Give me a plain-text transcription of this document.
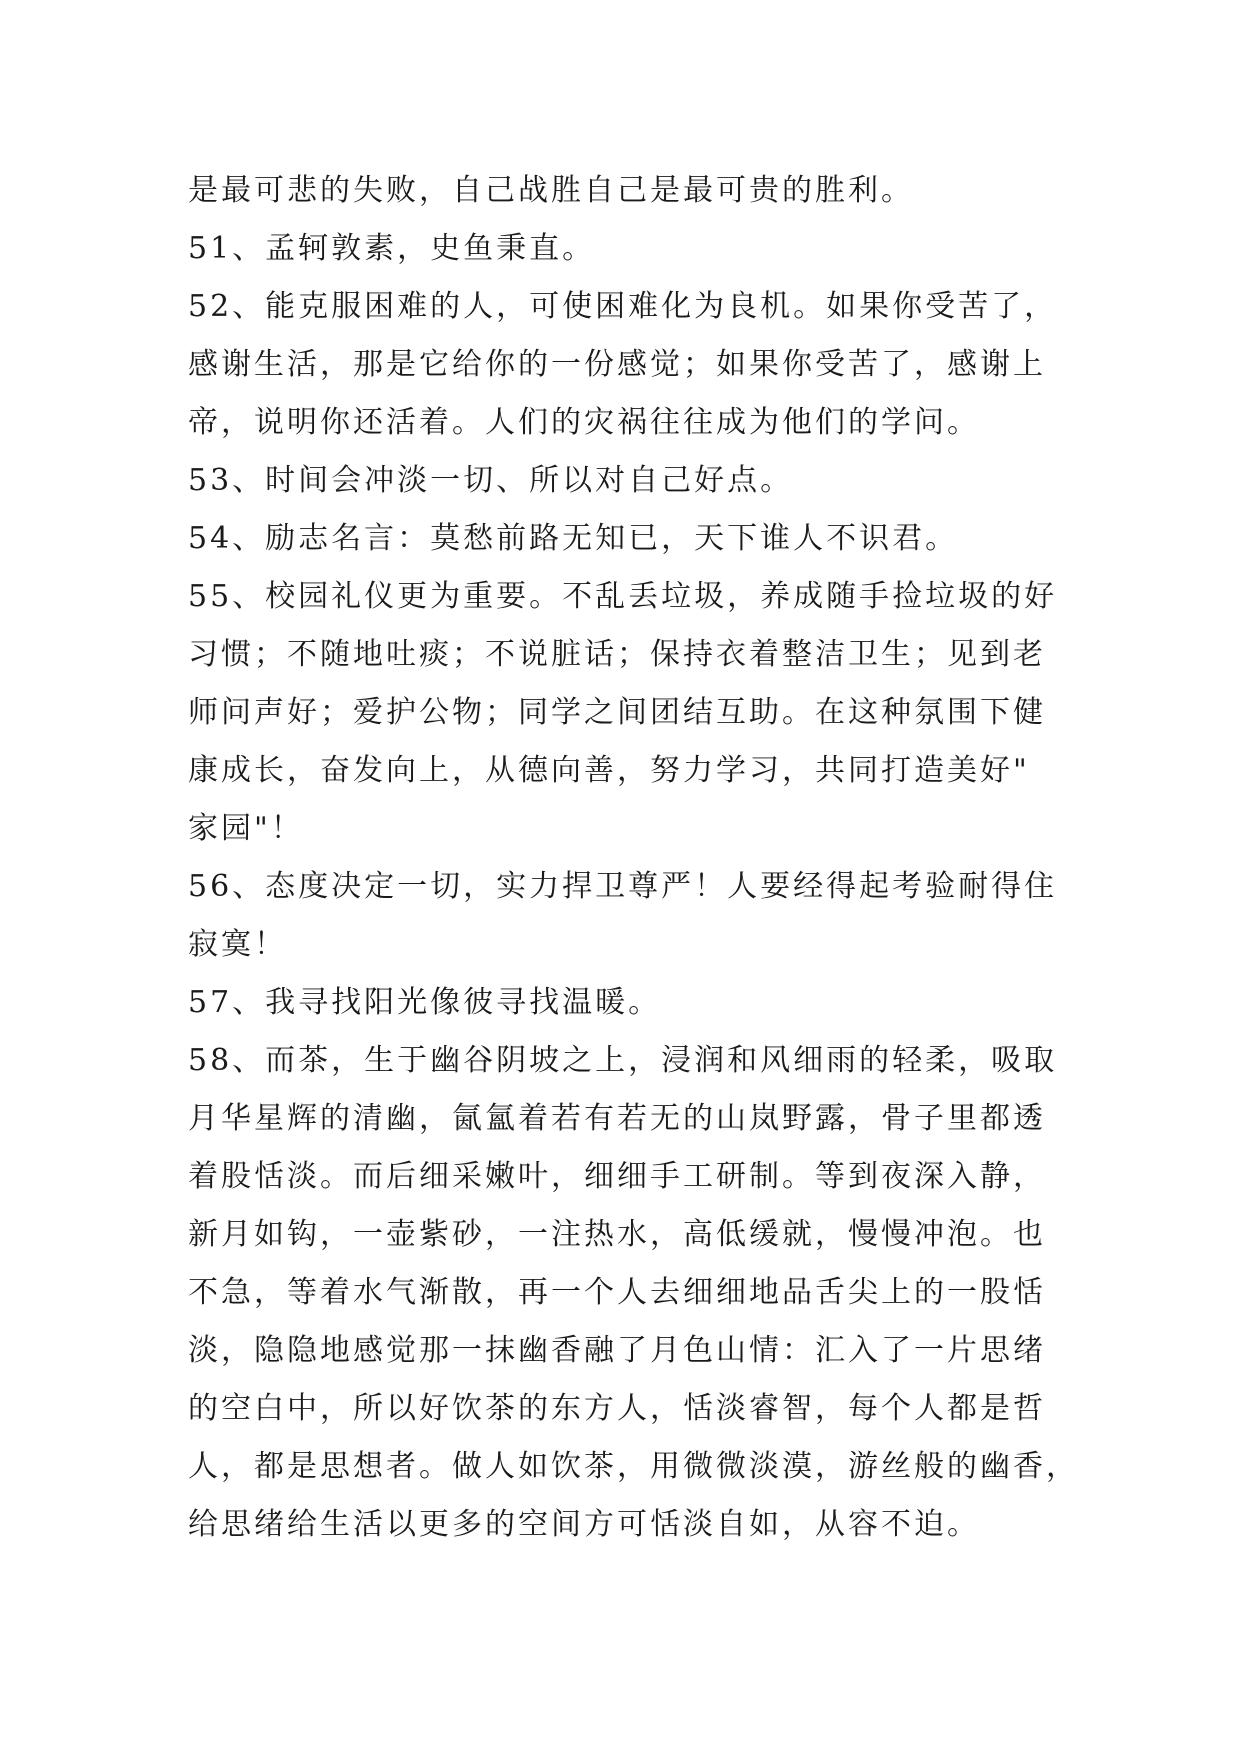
是最可悲的失败，自己战胜自己是最可贵的胜利。

51、孟轲敦素，史鱼秉直。

52、能克服困难的人，可使困难化为良机。如果你受苦了，

感谢生活，那是它给你的一份感觉；如果你受苦了，感谢上

帝，说明你还活着。人们的灾祸往往成为他们的学问。

53、时间会冲淡一切、所以对自己好点。

54、励志名言：莫愁前路无知已，天下谁人不识君。

55、校园礼仪更为重要。不乱丢垃圾，养成随手捡垃圾的好

习惯；不随地吐痰；不说脏话；保持衣着整洁卫生；见到老

师问声好；爱护公物；同学之间团结互助。在这种氛围下健

康成长，奋发向上，从德向善，努力学习，共同打造美好"

家园"！

56、态度决定一切，实力捍卫尊严！人要经得起考验耐得住

寂寞！

57、我寻找阳光像彼寻找温暖。

58、而茶，生于幽谷阴坡之上，浸润和风细雨的轻柔，吸取

月华星辉的清幽，氤氳着若有若无的山岚野露，骨子里都透

着股恬淡。而后细采嫩叶，细细手工研制。等到夜深入静，

新月如钩，一壶紫砂，一注热水，高低缓就，慢慢冲泡。也

不急，等着水气渐散，再一个人去细细地品舌尖上的一股恬

淡，隐隐地感觉那一抹幽香融了月色山情：汇入了一片思绪

的空白中，所以好饮茶的东方人，恬淡睿智，每个人都是哲

人，都是思想者。做人如饮茶，用微微淡漠，游丝般的幽香，

给思绪给生活以更多的空间方可恬淡自如，从容不迫。
